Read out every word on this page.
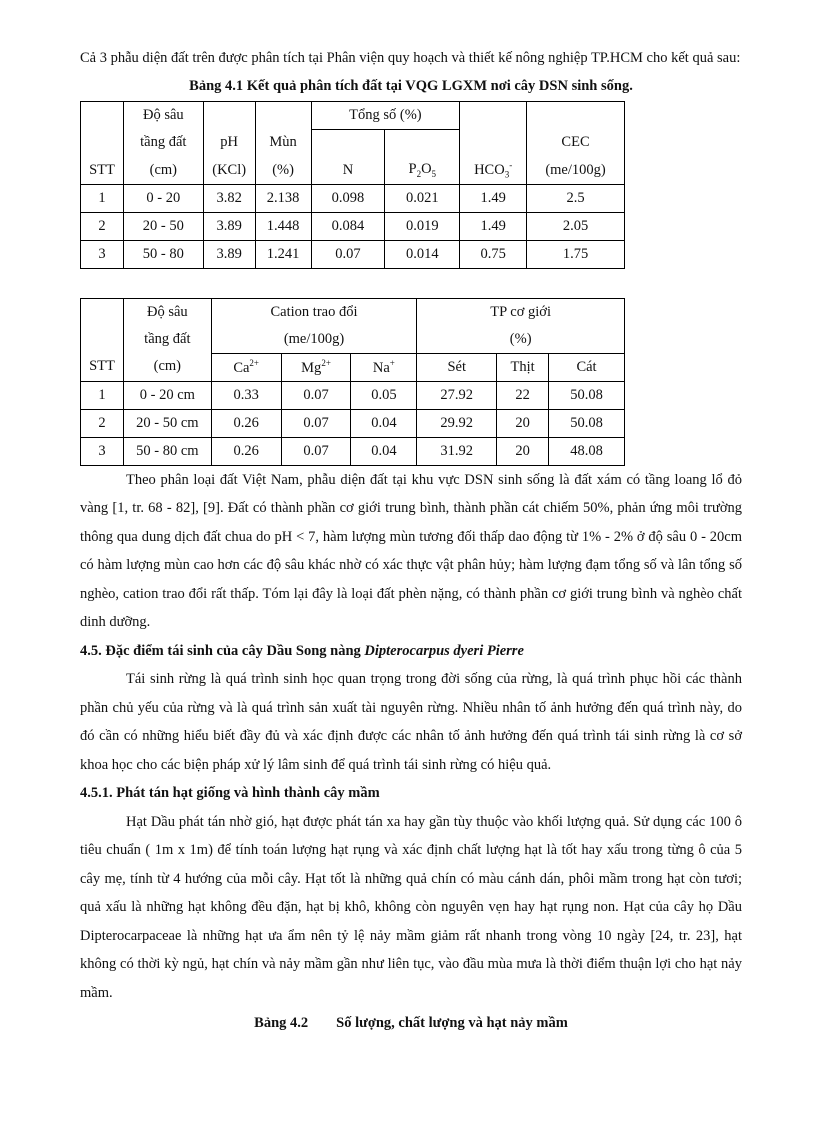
Cả 3 phẫu diện đất trên được phân tích tại Phân viện quy hoạch và thiết kế nông nghiệp TP.HCM cho kết quả sau:

Bảng 4.1 Kết quả phân tích đất tại VQG LGXM nơi cây DSN sinh sống.

	Độ sâu			Tổng số (%)			
	tầng đất	pH	Mùn				CEC
STT	(cm)	(KCl)	(%)	N	$P_2O_5$	$HCO_3^-$	(me/100g)
1	0 - 20	3.82	2.138	0.098	0.021	1.49	2.5
2	20 - 50	3.89	1.448	0.084	0.019	1.49	2.05
3	50 - 80	3.89	1.241	0.07	0.014	0.75	1.75
	Độ sâu	Cation trao đổi			TP cơ giới		
	tầng đất	(me/100g)			(%)		
STT	(cm)	$Ca^{2+}$	$Mg^{2+}$	Na+	Sét	Thịt	Cát
1	0 - 20 cm	0.33	0.07	0.05	27.92	22	50.08
2	20 - 50 cm	0.26	0.07	0.04	29.92	20	50.08
3	50 - 80 cm	0.26	0.07	0.04	31.92	20	48.08

Theo phân loại đất Việt Nam, phẫu diện đất tại khu vực DSN sinh sống là đất xám có tầng loang lổ đỏ vàng [1, tr. 68 - 82], [9]. Đất có thành phần cơ giới trung bình, thành phần cát chiếm 50%, phản ứng môi trường thông qua dung dịch đất chua do pH < 7, hàm lượng mùn tương đối thấp dao động từ 1% - 2% ở độ sâu 0 - 20cm có hàm lượng mùn cao hơn các độ sâu khác nhờ có xác thực vật phân hủy; hàm lượng đạm tổng số và lân tổng số nghèo, cation trao đổi rất thấp. Tóm lại đây là loại đất phèn nặng, có thành phần cơ giới trung bình và nghèo chất dinh dưỡng.

4.5. Đặc điểm tái sinh của cây Dầu Song nàng Dipterocarpus dyeri Pierre

Tái sinh rừng là quá trình sinh học quan trọng trong đời sống của rừng, là quá trình phục hồi các thành phần chủ yếu của rừng và là quá trình sản xuất tài nguyên rừng. Nhiều nhân tố ảnh hưởng đến quá trình này, do đó cần có những hiểu biết đầy đủ và xác định được các nhân tố ảnh hưởng đến quá trình tái sinh rừng là cơ sở khoa học cho các biện pháp xử lý lâm sinh để quá trình tái sinh rừng có hiệu quả.

4.5.1. Phát tán hạt giống và hình thành cây mầm

Hạt Dầu phát tán nhờ gió, hạt được phát tán xa hay gần tùy thuộc vào khối lượng quả. Sử dụng các 100 ô tiêu chuẩn ( 1m x 1m) để tính toán lượng hạt rụng và xác định chất lượng hạt là tốt hay xấu trong từng ô của 5 cây mẹ, tính từ 4 hướng của mỗi cây. Hạt tốt là những quả chín có màu cánh dán, phôi mầm trong hạt còn tươi; quả xấu là những hạt không đều đặn, hạt bị khô, không còn nguyên vẹn hay hạt rụng non. Hạt của cây họ Dầu Dipterocarpaceae là những hạt ưa ẩm nên tỷ lệ nảy mầm giảm rất nhanh trong vòng 10 ngày [24, tr. 23], hạt không có thời kỳ ngủ, hạt chín và nảy mầm gần như liên tục, vào đầu mùa mưa là thời điểm thuận lợi cho hạt nảy mầm.

Bảng 4.2 Số lượng, chất lượng và hạt nảy mầm
